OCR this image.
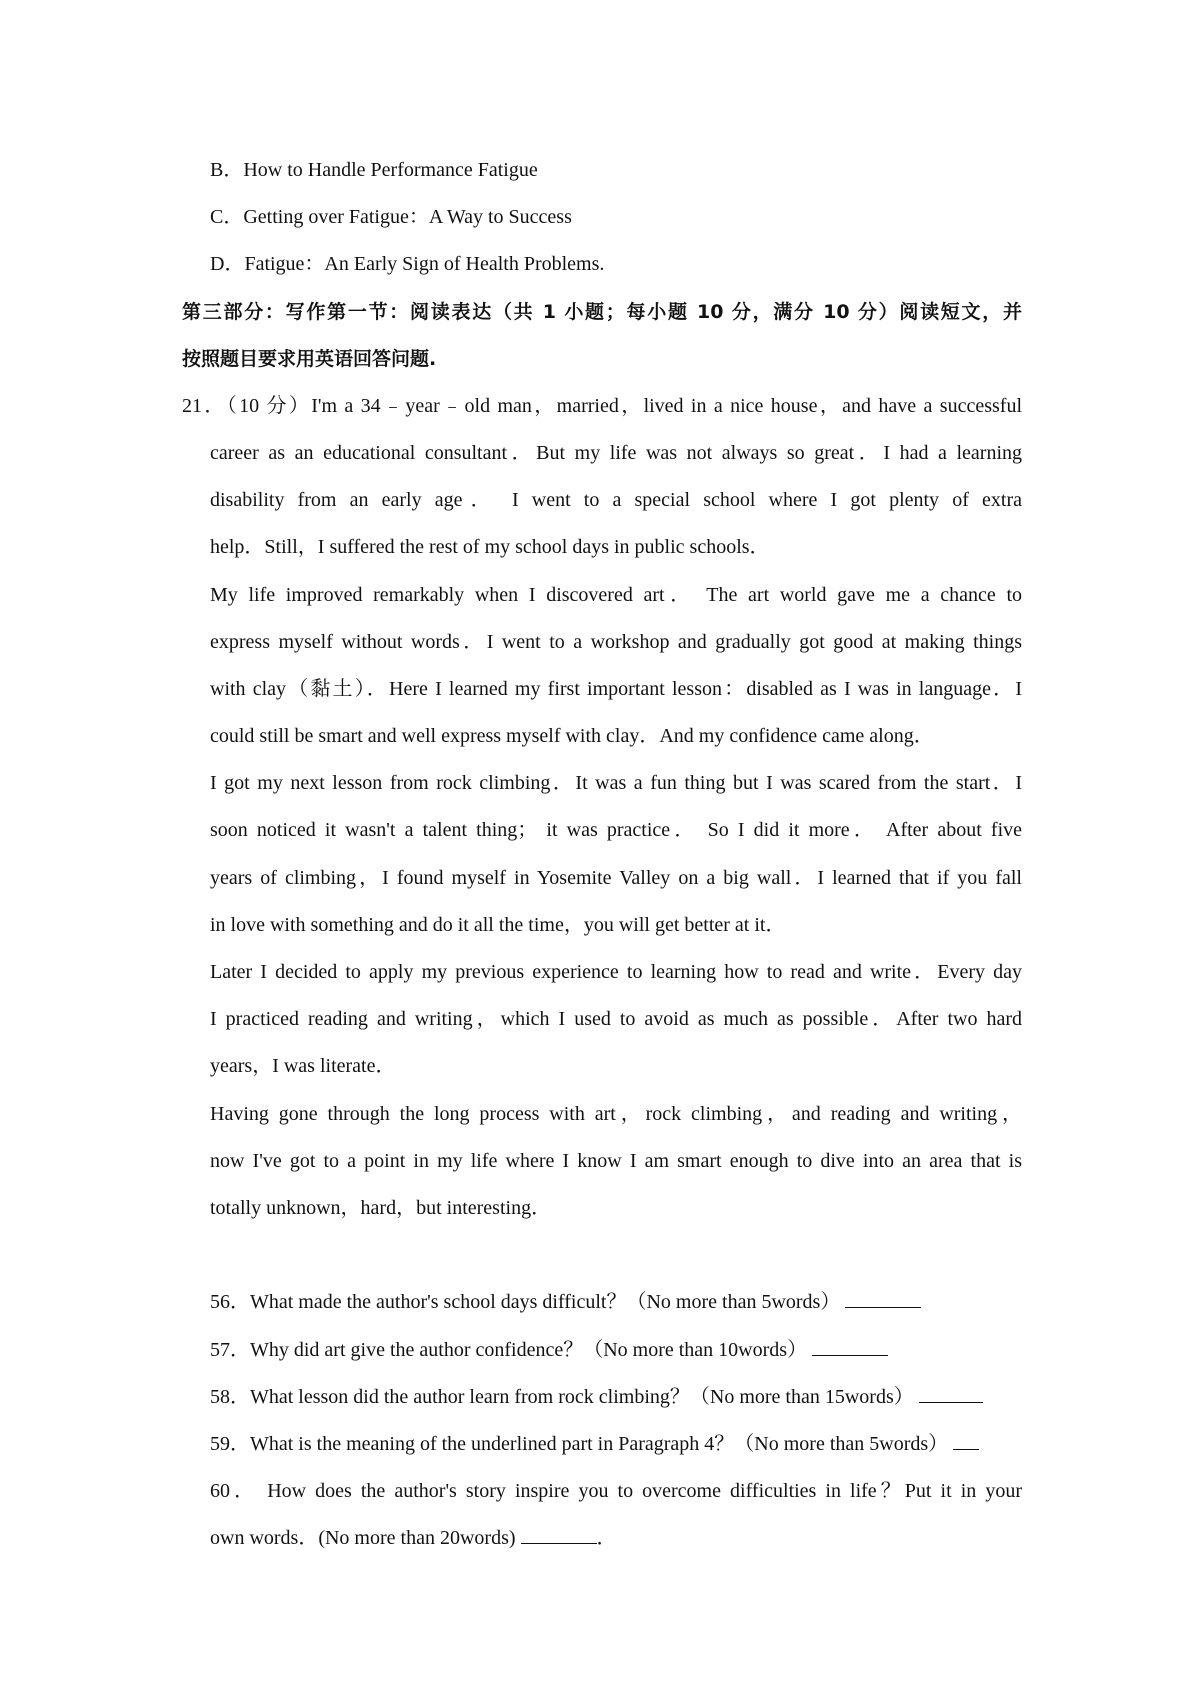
B．How to Handle Performance Fatigue
C．Getting over Fatigue：A Way to Success
D．Fatigue：An Early Sign of Health Problems.
第三部分：写作第一节：阅读表达（共 1 小题；每小题 10 分，满分 10 分）阅读短文，并
按照题目要求用英语回答问题.
21．（10 分）I'm a 34﹣year﹣old man，married，lived in a nice house，and have a successful
career as an educational consultant．But my life was not always so great．I had a learning
disability from an early age． I went to a special school where I got plenty of extra
help．Still，I suffered the rest of my school days in public schools．
My life improved remarkably when I discovered art． The art world gave me a chance to
express myself without words．I went to a workshop and gradually got good at making things
with clay（黏土）．Here I learned my first important lesson：disabled as I was in language．I
could still be smart and well express myself with clay．And my confidence came along．
I got my next lesson from rock climbing．It was a fun thing but I was scared from the start．I
soon noticed it wasn't a talent thing； it was practice． So I did it more． After about five
years of climbing，I found myself in Yosemite Valley on a big wall．I learned that if you fall
in love with something and do it all the time，you will get better at it．
Later I decided to apply my previous experience to learning how to read and write．Every day
I practiced reading and writing，which I used to avoid as much as possible．After two hard
years，I was literate．
Having gone through the long process with art，rock climbing，and reading and writing，
now I've got to a point in my life where I know I am smart enough to dive into an area that is
totally unknown，hard，but interesting．
56．What made the author's school days difficult？（No more than 5words）
57．Why did art give the author confidence？（No more than 10words）
58．What lesson did the author learn from rock climbing？（No more than 15words）
59．What is the meaning of the underlined part in Paragraph 4？（No more than 5words）
60． How does the author's story inspire you to overcome difficulties in life？Put it in your
own words．(No more than 20words)	．
